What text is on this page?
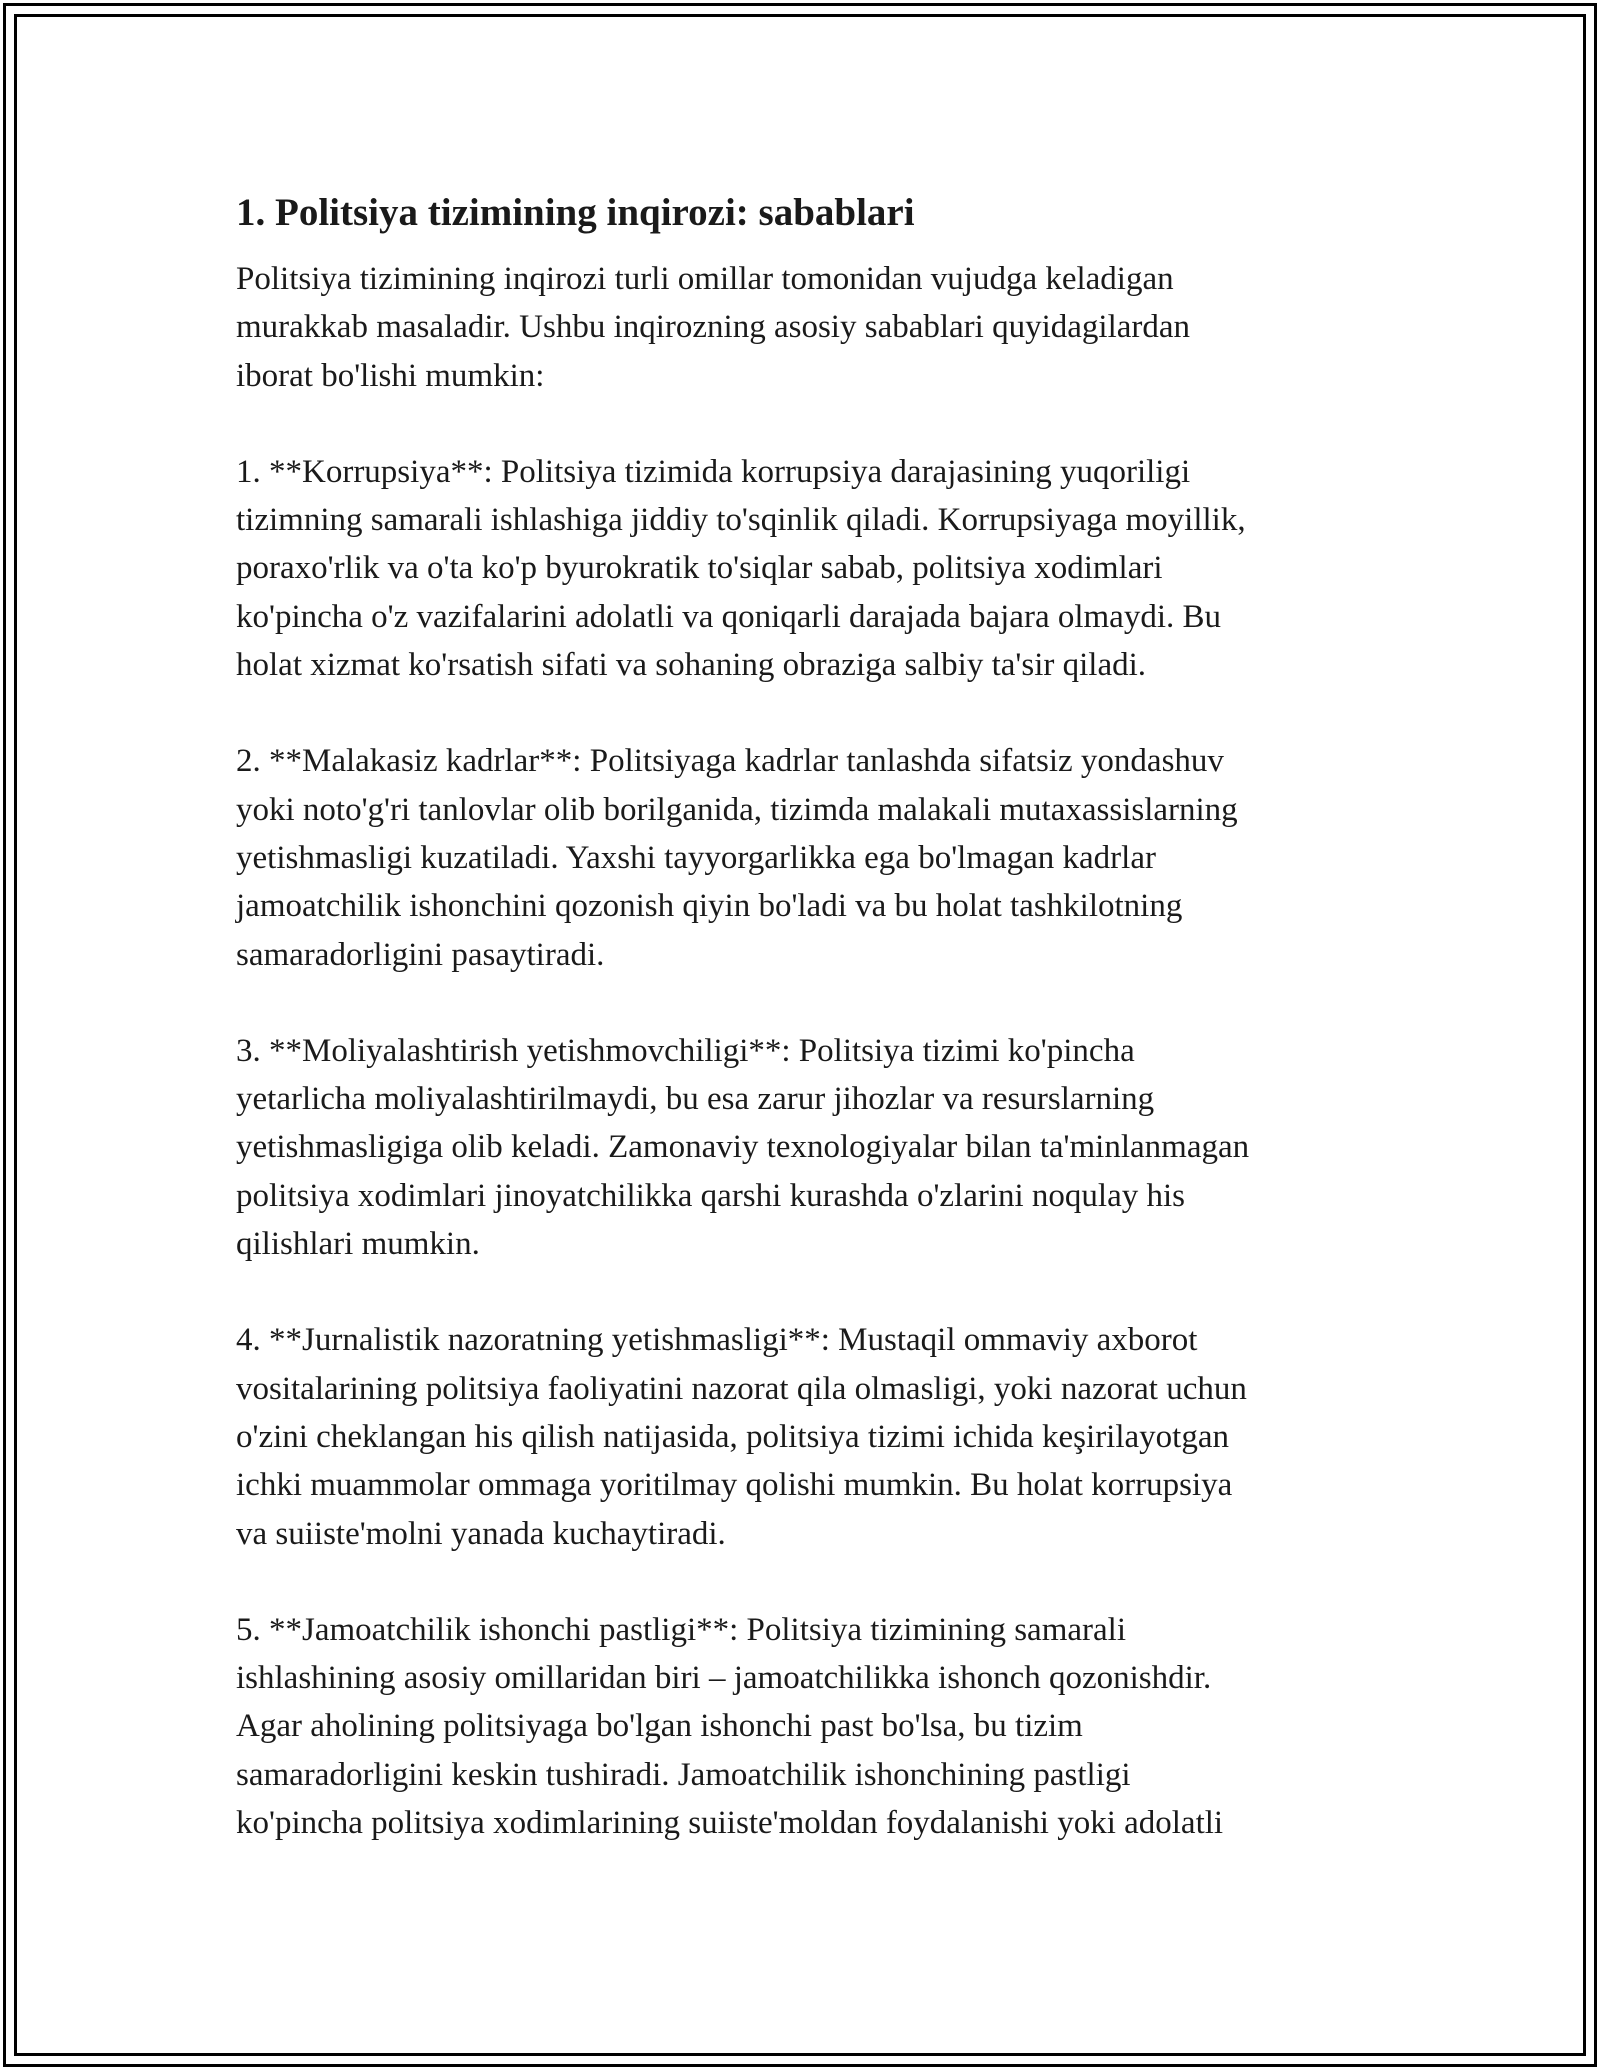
1. Politsiya tizimining inqirozi: sabablari

Politsiya tizimining inqirozi turli omillar tomonidan vujudga keladigan
murakkab masaladir. Ushbu inqirozning asosiy sabablari quyidagilardan
iborat bo'lishi mumkin:

1. **Korrupsiya**: Politsiya tizimida korrupsiya darajasining yuqoriligi
tizimning samarali ishlashiga jiddiy to'sqinlik qiladi. Korrupsiyaga moyillik,
poraxo'rlik va o'ta ko'p byurokratik to'siqlar sabab, politsiya xodimlari
ko'pincha o'z vazifalarini adolatli va qoniqarli darajada bajara olmaydi. Bu
holat xizmat ko'rsatish sifati va sohaning obraziga salbiy ta'sir qiladi.

2. **Malakasiz kadrlar**: Politsiyaga kadrlar tanlashda sifatsiz yondashuv
yoki noto'g'ri tanlovlar olib borilganida, tizimda malakali mutaxassislarning
yetishmasligi kuzatiladi. Yaxshi tayyorgarlikka ega bo'lmagan kadrlar
jamoatchilik ishonchini qozonish qiyin bo'ladi va bu holat tashkilotning
samaradorligini pasaytiradi.

3. **Moliyalashtirish yetishmovchiligi**: Politsiya tizimi ko'pincha
yetarlicha moliyalashtirilmaydi, bu esa zarur jihozlar va resurslarning
yetishmasligiga olib keladi. Zamonaviy texnologiyalar bilan ta'minlanmagan
politsiya xodimlari jinoyatchilikka qarshi kurashda o'zlarini noqulay his
qilishlari mumkin.

4. **Jurnalistik nazoratning yetishmasligi**: Mustaqil ommaviy axborot
vositalarining politsiya faoliyatini nazorat qila olmasligi, yoki nazorat uchun
o'zini cheklangan his qilish natijasida, politsiya tizimi ichida keşirilayotgan
ichki muammolar ommaga yoritilmay qolishi mumkin. Bu holat korrupsiya
va suiiste'molni yanada kuchaytiradi.

5. **Jamoatchilik ishonchi pastligi**: Politsiya tizimining samarali
ishlashining asosiy omillaridan biri – jamoatchilikka ishonch qozonishdir.
Agar aholining politsiyaga bo'lgan ishonchi past bo'lsa, bu tizim
samaradorligini keskin tushiradi. Jamoatchilik ishonchining pastligi
ko'pincha politsiya xodimlarining suiiste'moldan foydalanishi yoki adolatli
